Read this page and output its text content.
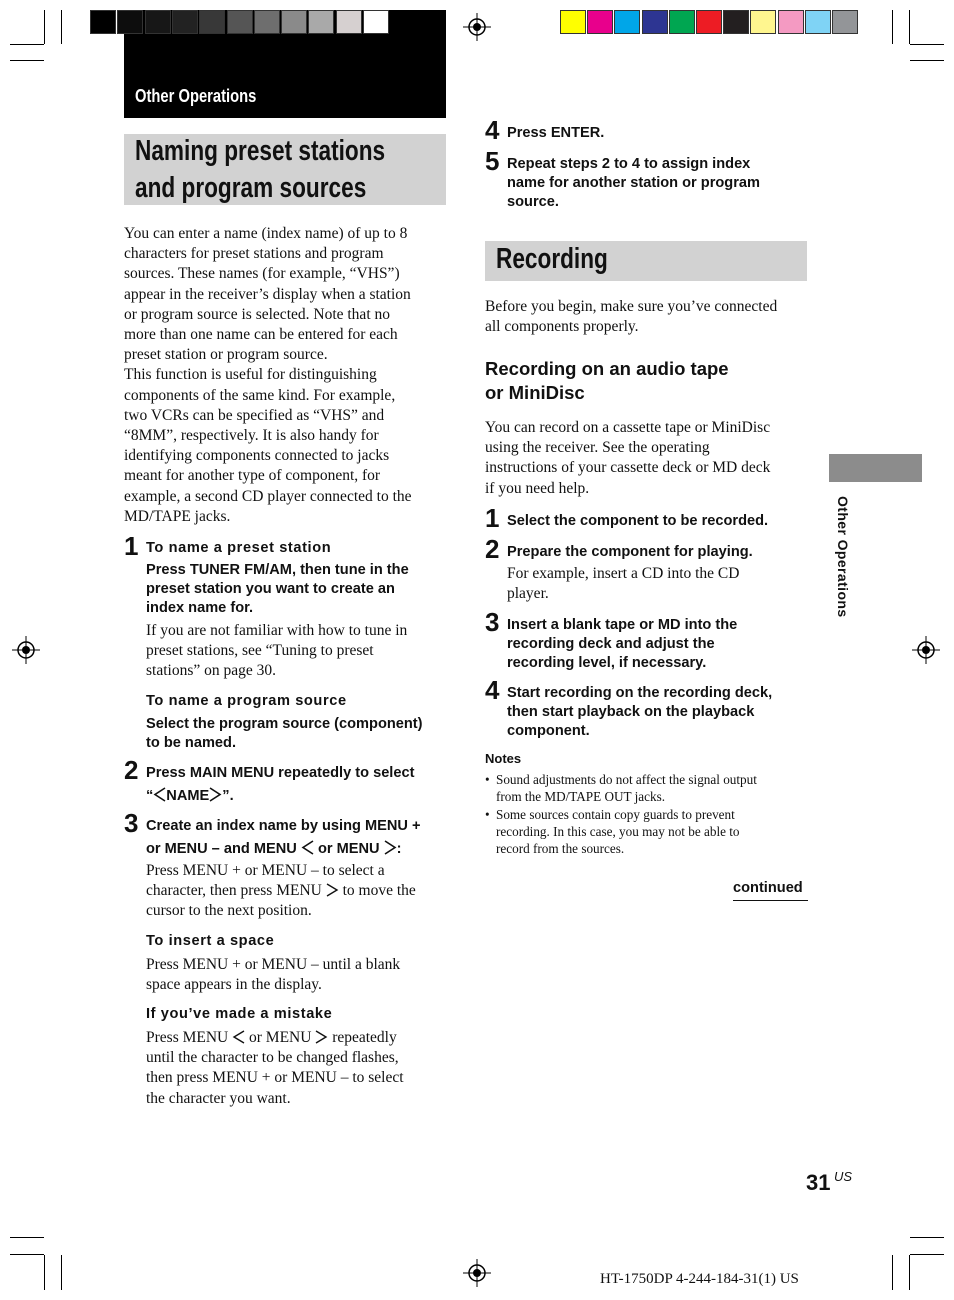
Other Operations
Naming preset stations
and program sources
You can enter a name (index name) of up to 8
characters for preset stations and program
sources. These names (for example, “VHS”)
appear in the receiver’s display when a station
or program source is selected. Note that no
more than one name can be entered for each
preset station or program source.
This function is useful for distinguishing
components of the same kind. For example,
two VCRs can be specified as “VHS” and
“8MM”, respectively. It is also handy for
identifying components connected to jacks
meant for another type of component, for
example, a second CD player connected to the
MD/TAPE jacks.
1 To name a preset station
Press TUNER FM/AM, then tune in the
preset station you want to create an
index name for.
If you are not familiar with how to tune in
preset stations, see “Tuning to preset
stations” on page 30.
To name a program source
Select the program source (component)
to be named.
2 Press MAIN MENU repeatedly to select
“ NAME ”.
3 Create an index name by using MENU +
or MENU – and MENU or MENU :
Press MENU + or MENU – to select a
character, then press MENU to move the
cursor to the next position.
To insert a space
Press MENU + or MENU – until a blank
space appears in the display.
If you’ve made a mistake
Press MENU or MENU repeatedly
until the character to be changed flashes,
then press MENU + or MENU – to select
the character you want.
4 Press ENTER.
5 Repeat steps 2 to 4 to assign index
name for another station or program
source.
Recording
Before you begin, make sure you’ve connected
all components properly.
Recording on an audio tape
or MiniDisc
You can record on a cassette tape or MiniDisc
using the receiver. See the operating
instructions of your cassette deck or MD deck
if you need help.
1 Select the component to be recorded.
2 Prepare the component for playing.
For example, insert a CD into the CD
player.
3 Insert a blank tape or MD into the
recording deck and adjust the
recording level, if necessary.
4 Start recording on the recording deck,
then start playback on the playback
component.
Notes
• Sound adjustments do not affect the signal output
from the MD/TAPE OUT jacks.
• Some sources contain copy guards to prevent
recording. In this case, you may not be able to
record from the sources.
continued
Other Operations
31 US
HT-1750DP 4-244-184-31(1) US
